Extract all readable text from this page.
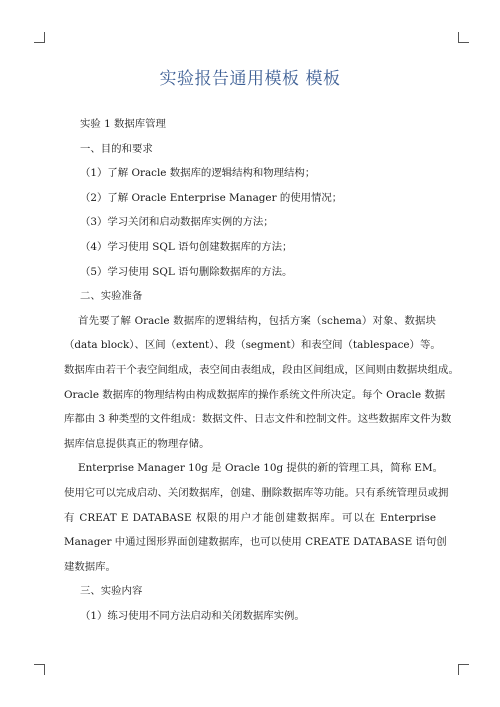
实验报告通用模板 模板

实验 1 数据库管理

一、目的和要求

（1）了解 Oracle 数据库的逻辑结构和物理结构；

（2）了解 Oracle Enterprise Manager 的使用情况；

（3）学习关闭和启动数据库实例的方法；

（4）学习使用 SQL 语句创建数据库的方法；

（5）学习使用 SQL 语句删除数据库的方法。

二、实验准备

首先要了解 Oracle 数据库的逻辑结构，包括方案（schema）对象、数据块

（data block）、区间（extent）、段（segment）和表空间（tablespace）等。

数据库由若干个表空间组成，表空间由表组成，段由区间组成，区间则由数据块组成。

Oracle 数据库的物理结构由构成数据库的操作系统文件所决定。每个 Oracle 数据

库都由 3 种类型的文件组成：数据文件、日志文件和控制文件。这些数据库文件为数

据库信息提供真正的物理存储。

Enterprise Manager 10g 是 Oracle 10g 提供的新的管理工具，简称 EM。

使用它可以完成启动、关闭数据库，创建、删除数据库等功能。只有系统管理员或拥

有 CREAT E DATABASE 权限的用户才能创建数据库。可以在 Enterprise

Manager 中通过图形界面创建数据库，也可以使用 CREATE DATABASE 语句创

建数据库。

三、实验内容

（1）练习使用不同方法启动和关闭数据库实例。
